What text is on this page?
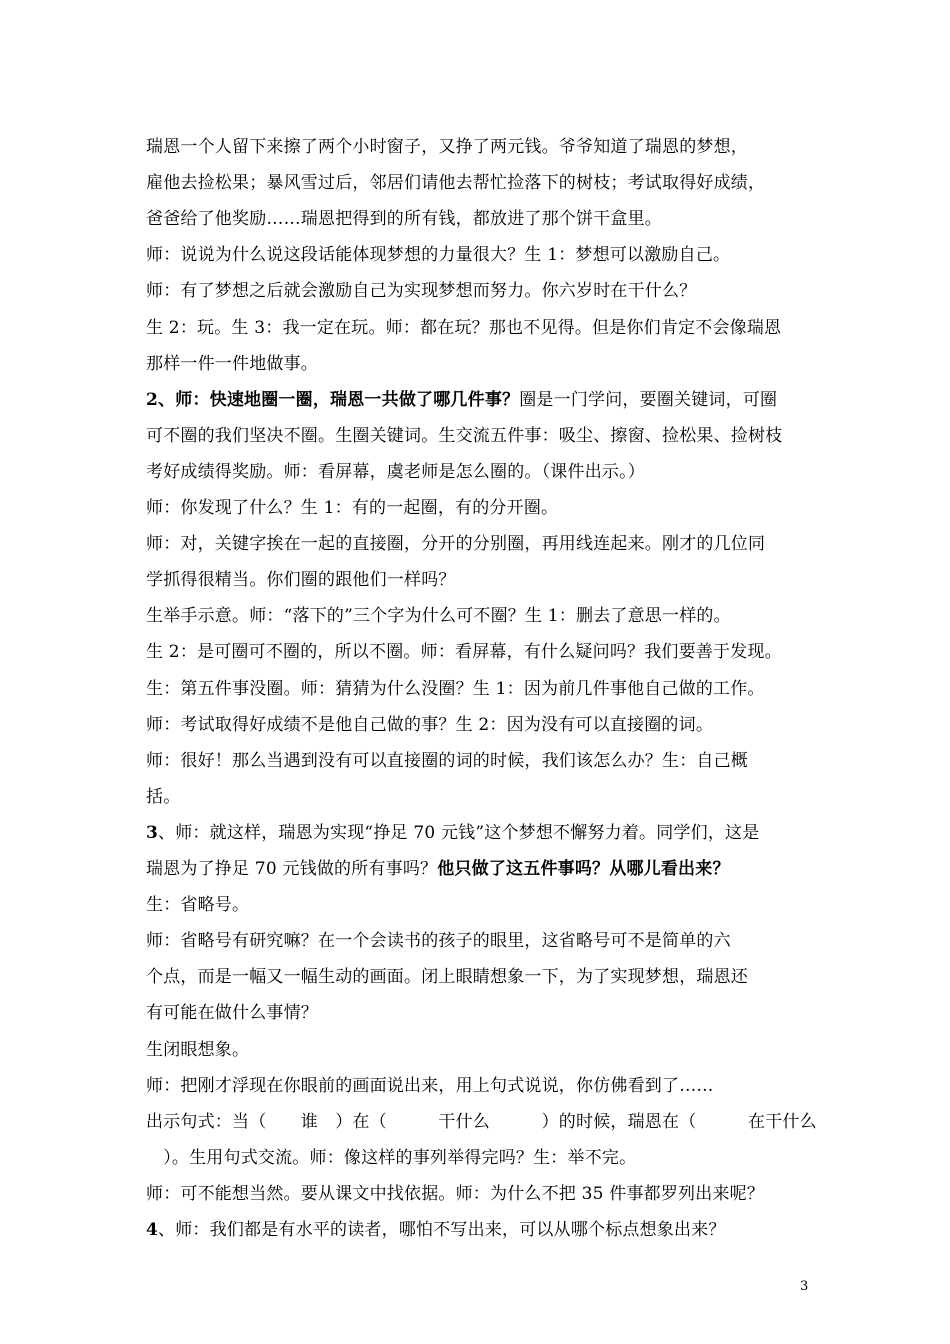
瑞恩一个人留下来擦了两个小时窗子，又挣了两元钱。爷爷知道了瑞恩的梦想，
雇他去捡松果；暴风雪过后，邻居们请他去帮忙捡落下的树枝；考试取得好成绩，
爸爸给了他奖励……瑞恩把得到的所有钱，都放进了那个饼干盒里。
师：说说为什么说这段话能体现梦想的力量很大？生 1：梦想可以激励自己。
师：有了梦想之后就会激励自己为实现梦想而努力。你六岁时在干什么？
生 2：玩。生 3：我一定在玩。师：都在玩？那也不见得。但是你们肯定不会像瑞恩
那样一件一件地做事。
2、师：快速地圈一圈，瑞恩一共做了哪几件事？圈是一门学问，要圈关键词，可圈
可不圈的我们坚决不圈。生圈关键词。生交流五件事：吸尘、擦窗、捡松果、捡树枝
考好成绩得奖励。师：看屏幕，虞老师是怎么圈的。（课件出示。）
师：你发现了什么？生 1：有的一起圈，有的分开圈。
师：对，关键字挨在一起的直接圈，分开的分别圈，再用线连起来。刚才的几位同
学抓得很精当。你们圈的跟他们一样吗？
生举手示意。师：“落下的”三个字为什么可不圈？生 1：删去了意思一样的。
生 2：是可圈可不圈的，所以不圈。师：看屏幕，有什么疑问吗？我们要善于发现。
生：第五件事没圈。师：猜猜为什么没圈？生 1：因为前几件事他自己做的工作。
师：考试取得好成绩不是他自己做的事？生 2：因为没有可以直接圈的词。
师：很好！那么当遇到没有可以直接圈的词的时候，我们该怎么办？生：自己概
括。
3、师：就这样，瑞恩为实现“挣足 70 元钱”这个梦想不懈努力着。同学们，这是
瑞恩为了挣足 70 元钱做的所有事吗？他只做了这五件事吗？从哪儿看出来？
生：省略号。
师：省略号有研究嘛？在一个会读书的孩子的眼里，这省略号可不是简单的六
个点，而是一幅又一幅生动的画面。闭上眼睛想象一下，为了实现梦想，瑞恩还
有可能在做什么事情？
生闭眼想象。
师：把刚才浮现在你眼前的画面说出来，用上句式说说，你仿佛看到了……
出示句式：当（　　谁　）在（　　　干什么　　　）的时候，瑞恩在（　　　在干什么
　）。生用句式交流。师：像这样的事列举得完吗？生：举不完。
师：可不能想当然。要从课文中找依据。师：为什么不把 35 件事都罗列出来呢？
4、师：我们都是有水平的读者，哪怕不写出来，可以从哪个标点想象出来？
3
